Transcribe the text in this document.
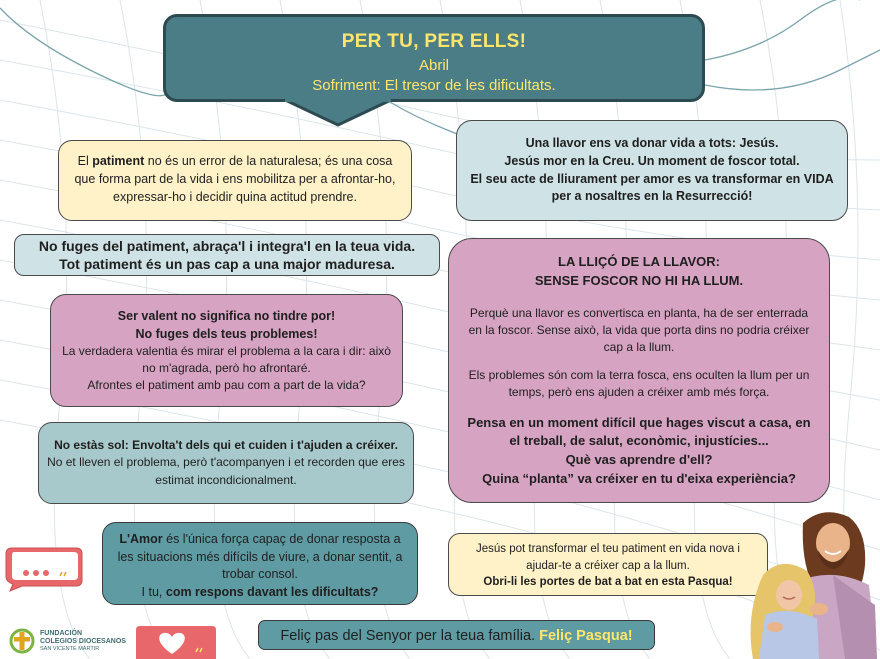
PER TU, PER ELLS!
Abril
Sofriment: El tresor de les dificultats.
El patiment no és un error de la naturalesa; és una cosa que forma part de la vida i ens mobilitza per a afrontar-ho, expressar-ho i decidir quina actitud prendre.
Una llavor ens va donar vida a tots: Jesús.
Jesús mor en la Creu. Un moment de foscor total.
El seu acte de lliurament per amor es va transformar en VIDA per a nosaltres en la Resurrecció!
No fuges del patiment, abraça'l i integra'l en la teua vida.
Tot patiment és un pas cap a una major maduresa.
Ser valent no significa no tindre por!
No fuges dels teus problemes!
La verdadera valentia és mirar el problema a la cara i dir: això no m'agrada, però ho afrontaré.
Afrontes el patiment amb pau com a part de la vida?
LA LLIÇÓ DE LA LLAVOR:
SENSE FOSCOR NO HI HA LLUM.
Perquè una llavor es convertisca en planta, ha de ser enterrada en la foscor. Sense això, la vida que porta dins no podria créixer cap a la llum.
Els problemes són com la terra fosca, ens oculten la llum per un temps, però ens ajuden a créixer amb més força.
Pensa en un moment difícil que hages viscut a casa, en el treball, de salut, econòmic, injustícies...
Què vas aprendre d'ell?
Quina “planta” va créixer en tu d'eixa experiència?
No estàs sol: Envolta't dels qui et cuiden i t'ajuden a créixer.
No et lleven el problema, però t'acompanyen i et recorden que eres estimat incondicionalment.
L'Amor és l'única força capaç de donar resposta a les situacions més difícils de viure, a donar sentit, a trobar consol.
I tu, com respons davant les dificultats?
Jesús pot transformar el teu patiment en vida nova i ajudar-te a créixer cap a la llum.
Obri-li les portes de bat a bat en esta Pasqua!
Feliç pas del Senyor per la teua família. Feliç Pasqua!
FUNDACIÓN
COLEGIOS DIOCESANOS
SAN VICENTE MÁRTIR
